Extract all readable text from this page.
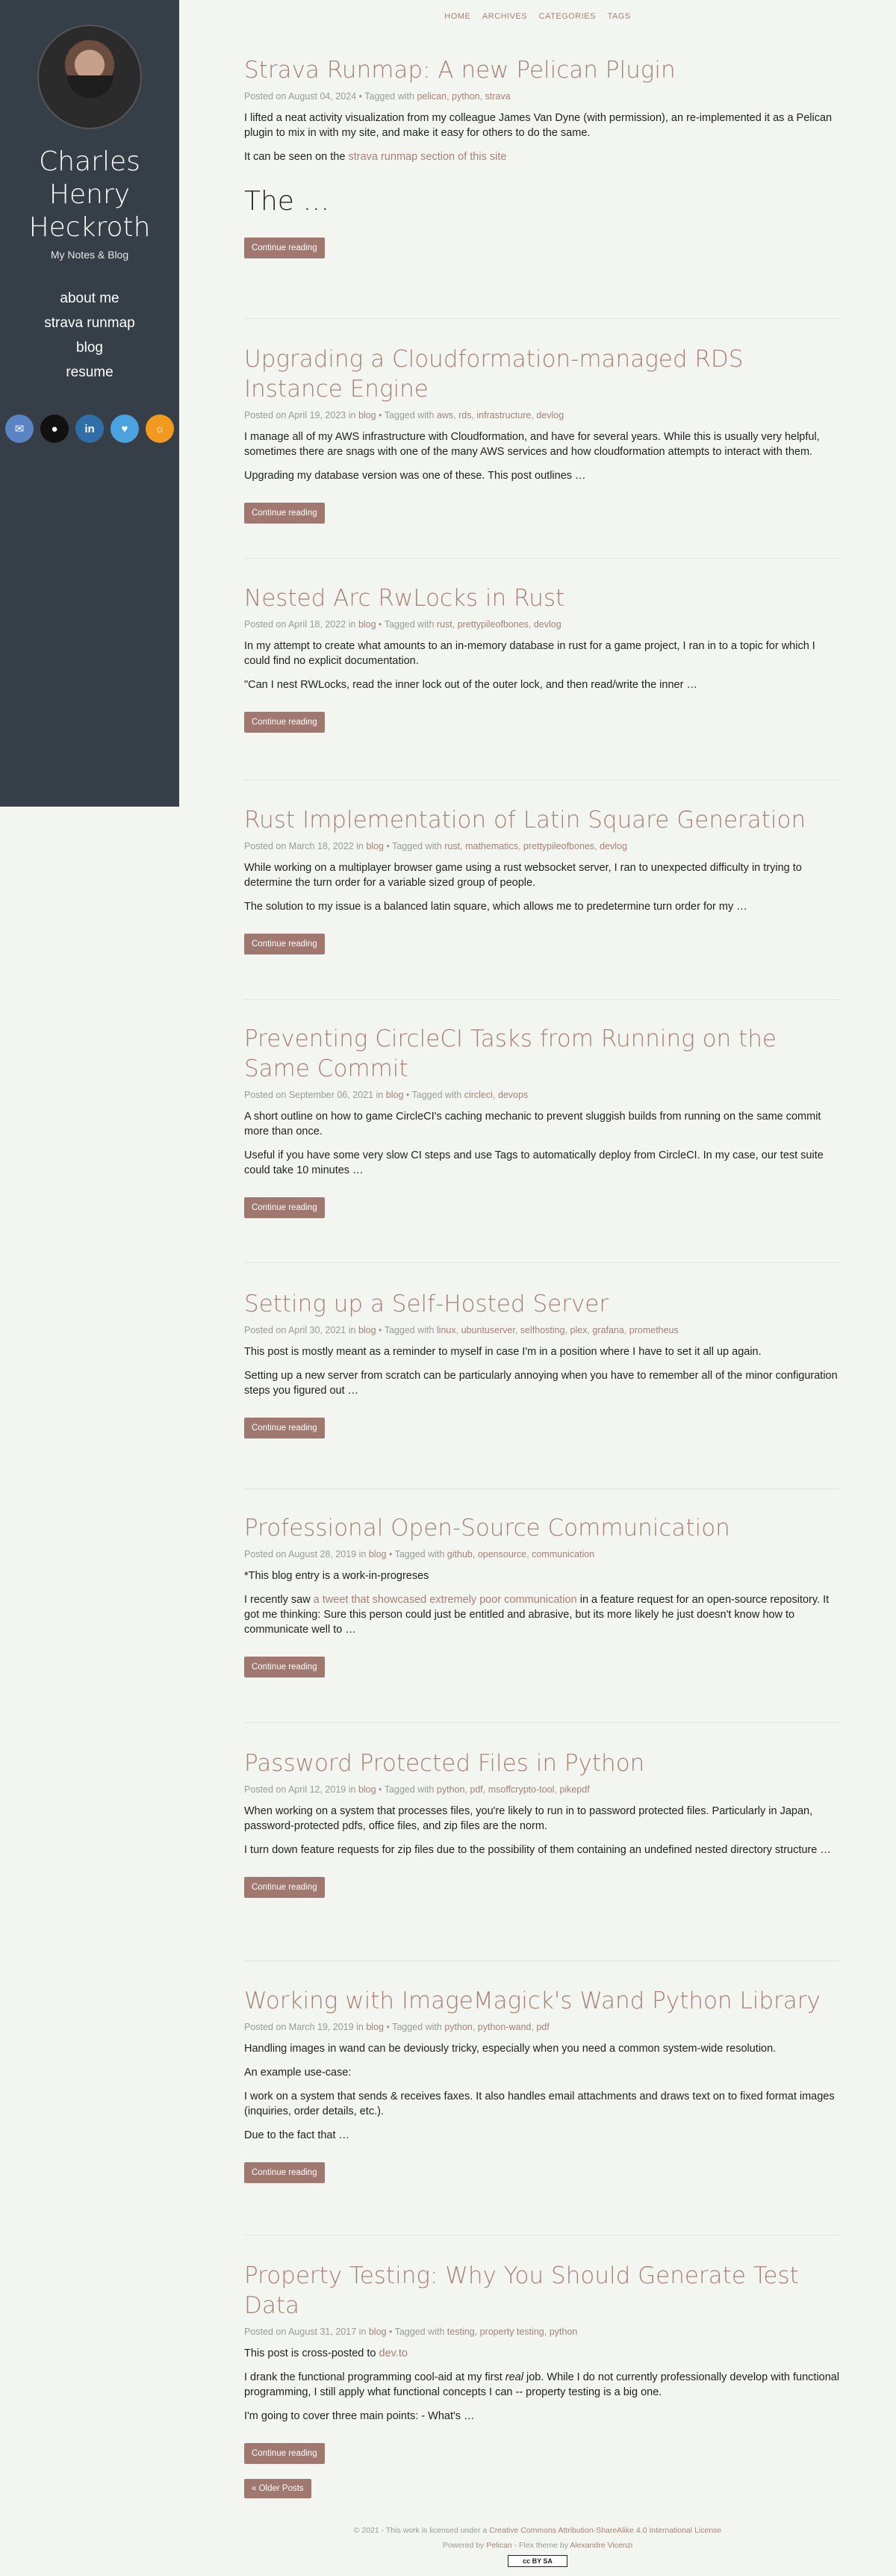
Charles Henry Heckroth

My Notes & Blog

about me
strava runmap
blog
resume
✉	●	in	♥	☼
HOME ARCHIVES CATEGORIES TAGS
Strava Runmap: A new Pelican Plugin
Posted on August 04, 2024 • Tagged with pelican, python, strava

I lifted a neat activity visualization from my colleague James Van Dyne (with permission), an re-implemented it as a Pelican plugin to mix in with my site, and make it easy for others to do the same.

It can be seen on the strava runmap section of this site

The …
Continue reading
Upgrading a Cloudformation-managed RDS Instance Engine
Posted on April 19, 2023 in blog • Tagged with aws, rds, infrastructure, devlog

I manage all of my AWS infrastructure with Cloudformation, and have for several years. While this is usually very helpful, sometimes there are snags with one of the many AWS services and how cloudformation attempts to interact with them.

Upgrading my database version was one of these. This post outlines …

Continue reading
Nested Arc RwLocks in Rust
Posted on April 18, 2022 in blog • Tagged with rust, prettypileofbones, devlog

In my attempt to create what amounts to an in-memory database in rust for a game project, I ran in to a topic for which I could find no explicit documentation.

"Can I nest RWLocks, read the inner lock out of the outer lock, and then read/write the inner …

Continue reading
Rust Implementation of Latin Square Generation
Posted on March 18, 2022 in blog • Tagged with rust, mathematics, prettypileofbones, devlog

While working on a multiplayer browser game using a rust websocket server, I ran to unexpected difficulty in trying to determine the turn order for a variable sized group of people.

The solution to my issue is a balanced latin square, which allows me to predetermine turn order for my …

Continue reading
Preventing CircleCI Tasks from Running on the Same Commit
Posted on September 06, 2021 in blog • Tagged with circleci, devops

A short outline on how to game CircleCI's caching mechanic to prevent sluggish builds from running on the same commit more than once.

Useful if you have some very slow CI steps and use Tags to automatically deploy from CircleCI. In my case, our test suite could take 10 minutes …

Continue reading
Setting up a Self-Hosted Server
Posted on April 30, 2021 in blog • Tagged with linux, ubuntuserver, selfhosting, plex, grafana, prometheus

This post is mostly meant as a reminder to myself in case I'm in a position where I have to set it all up again.

Setting up a new server from scratch can be particularly annoying when you have to remember all of the minor configuration steps you figured out …

Continue reading
Professional Open-Source Communication
Posted on August 28, 2019 in blog • Tagged with github, opensource, communication

*This blog entry is a work-in-progreses

I recently saw a tweet that showcased extremely poor communication in a feature request for an open-source repository. It got me thinking: Sure this person could just be entitled and abrasive, but its more likely he just doesn't know how to communicate well to …

Continue reading
Password Protected Files in Python
Posted on April 12, 2019 in blog • Tagged with python, pdf, msoffcrypto-tool, pikepdf

When working on a system that processes files, you're likely to run in to password protected files. Particularly in Japan, password-protected pdfs, office files, and zip files are the norm.

I turn down feature requests for zip files due to the possibility of them containing an undefined nested directory structure …

Continue reading
Working with ImageMagick's Wand Python Library
Posted on March 19, 2019 in blog • Tagged with python, python-wand, pdf

Handling images in wand can be deviously tricky, especially when you need a common system-wide resolution.

An example use-case:

I work on a system that sends & receives faxes. It also handles email attachments and draws text on to fixed format images (inquiries, order details, etc.).

Due to the fact that …

Continue reading
Property Testing: Why You Should Generate Test Data
Posted on August 31, 2017 in blog • Tagged with testing, property testing, python

This post is cross-posted to dev.to

I drank the functional programming cool-aid at my first real job. While I do not currently professionally develop with functional programming, I still apply what functional concepts I can -- property testing is a big one.

I'm going to cover three main points: - What's …

Continue reading
« Older Posts
© 2021 - This work is licensed under a Creative Commons Attribution-ShareAlike 4.0 International License
Powered by Pelican - Flex theme by Alexandre Vicenzi
cc BY SA
